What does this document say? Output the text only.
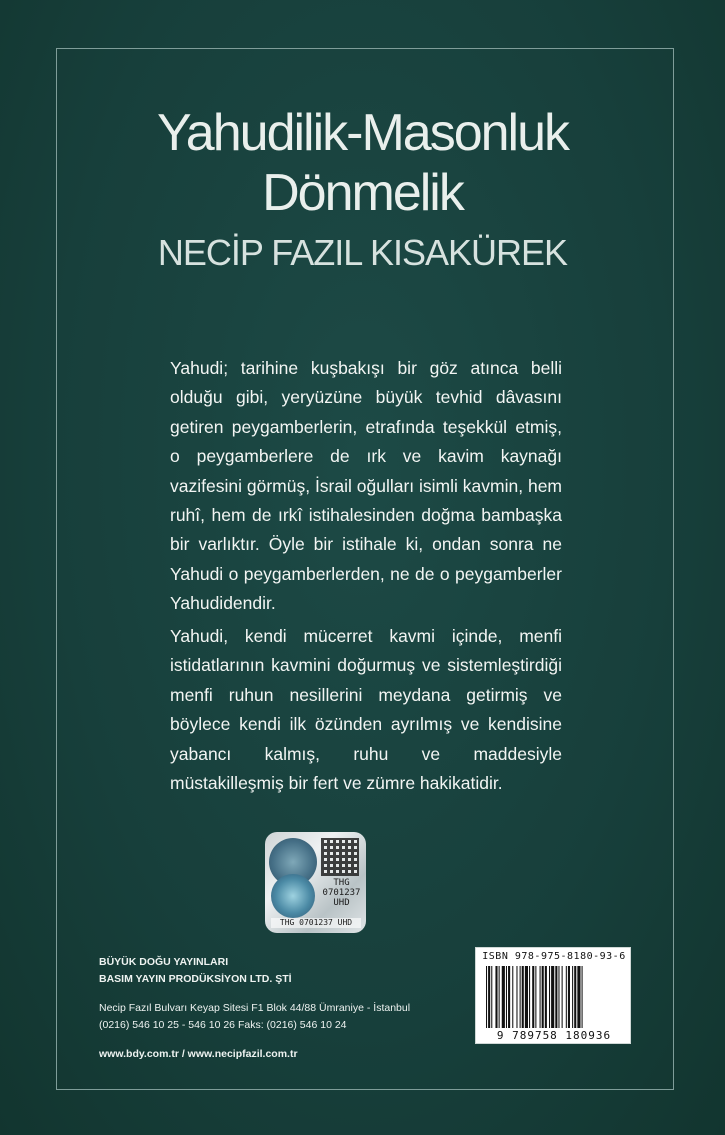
Yahudilik-Masonluk
Dönmelik
NECİP FAZIL KISAKÜREK

Yahudi; tarihine kuşbakışı bir göz atınca belli olduğu gibi, yeryüzüne büyük tevhid dâvasını getiren peygamberlerin, etrafında teşekkül etmiş, o peygamberlere de ırk ve kavim kaynağı vazifesini görmüş, İsrail oğulları isimli kavmin, hem ruhî, hem de ırkî istihalesinden doğma bambaşka bir varlıktır. Öyle bir istihale ki, ondan sonra ne Yahudi o peygamberlerden, ne de o peygamberler Yahudidendir.

Yahudi, kendi mücerret kavmi içinde, menfi istidatlarının kavmini doğurmuş ve sistemleştirdiği menfi ruhun nesillerini meydana getirmiş ve böylece kendi ilk özünden ayrılmış ve kendisine yabancı kalmış, ruhu ve maddesiyle müstakilleşmiş bir fert ve zümre hakikatidir.

THG
0701237
UHD
THG 0701237 UHD
BÜYÜK DOĞU YAYINLARI
BASIM YAYIN PRODÜKSİYON LTD. ŞTİ
Necip Fazıl Bulvarı Keyap Sitesi F1 Blok 44/88 Ümraniye - İstanbul
(0216) 546 10 25 - 546 10 26 Faks: (0216) 546 10 24
www.bdy.com.tr / www.necipfazil.com.tr
ISBN 978-975-8180-93-6
9 789758 180936
